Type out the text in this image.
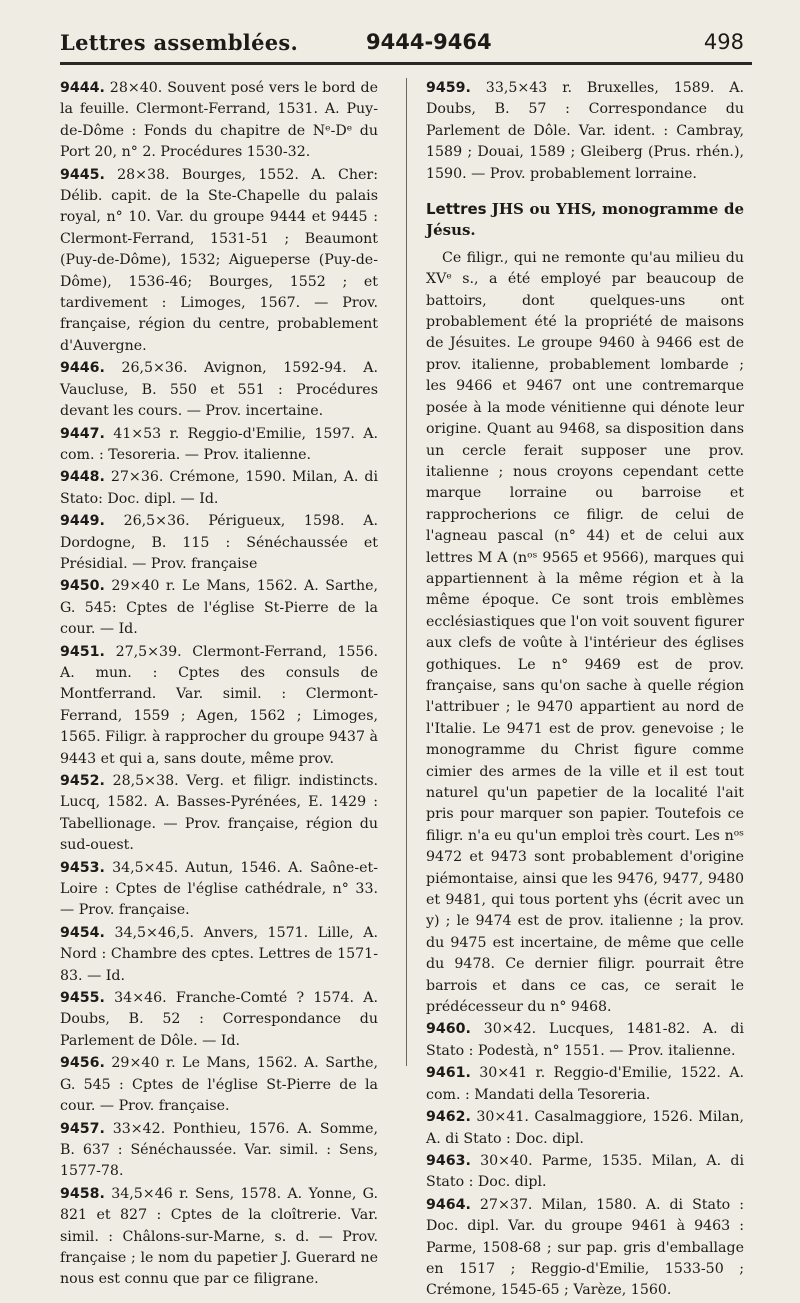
Lettres assemblées.	9444-9464	498

9444. 28×40. Souvent posé vers le bord de la feuille. Clermont-Ferrand, 1531. A. Puy-de-Dôme : Fonds du chapitre de Nᵉ-Dᵉ du Port 20, n° 2. Procédures 1530-32.

9445. 28×38. Bourges, 1552. A. Cher: Délib. capit. de la Ste-Chapelle du palais royal, n° 10. Var. du groupe 9444 et 9445 : Clermont-Ferrand, 1531-51 ; Beaumont (Puy-de-Dôme), 1532; Aigueperse (Puy-de-Dôme), 1536-46; Bourges, 1552 ; et tardivement : Limoges, 1567. — Prov. française, région du centre, probablement d'Auvergne.

9446. 26,5×36. Avignon, 1592-94. A. Vaucluse, B. 550 et 551 : Procédures devant les cours. — Prov. incertaine.

9447. 41×53 r. Reggio-d'Emilie, 1597. A. com. : Tesoreria. — Prov. italienne.

9448. 27×36. Crémone, 1590. Milan, A. di Stato: Doc. dipl. — Id.

9449. 26,5×36. Périgueux, 1598. A. Dordogne, B. 115 : Sénéchaussée et Présidial. — Prov. française

9450. 29×40 r. Le Mans, 1562. A. Sarthe, G. 545: Cptes de l'église St-Pierre de la cour. — Id.

9451. 27,5×39. Clermont-Ferrand, 1556. A. mun. : Cptes des consuls de Montferrand. Var. simil. : Clermont-Ferrand, 1559 ; Agen, 1562 ; Limoges, 1565. Filigr. à rapprocher du groupe 9437 à 9443 et qui a, sans doute, même prov.

9452. 28,5×38. Verg. et filigr. indistincts. Lucq, 1582. A. Basses-Pyrénées, E. 1429 : Tabellionage. — Prov. française, région du sud-ouest.

9453. 34,5×45. Autun, 1546. A. Saône-et-Loire : Cptes de l'église cathédrale, n° 33. — Prov. française.

9454. 34,5×46,5. Anvers, 1571. Lille, A. Nord : Chambre des cptes. Lettres de 1571-83. — Id.

9455. 34×46. Franche-Comté ? 1574. A. Doubs, B. 52 : Correspondance du Parlement de Dôle. — Id.

9456. 29×40 r. Le Mans, 1562. A. Sarthe, G. 545 : Cptes de l'église St-Pierre de la cour. — Prov. française.

9457. 33×42. Ponthieu, 1576. A. Somme, B. 637 : Sénéchaussée. Var. simil. : Sens, 1577-78.

9458. 34,5×46 r. Sens, 1578. A. Yonne, G. 821 et 827 : Cptes de la cloîtrerie. Var. simil. : Châlons-sur-Marne, s. d. — Prov. française ; le nom du papetier J. Guerard ne nous est connu que par ce filigrane.

9459. 33,5×43 r. Bruxelles, 1589. A. Doubs, B. 57 : Correspondance du Parlement de Dôle. Var. ident. : Cambray, 1589 ; Douai, 1589 ; Gleiberg (Prus. rhén.), 1590. — Prov. probablement lorraine.

Lettres JHS ou YHS, monogramme de Jésus.

Ce filigr., qui ne remonte qu'au milieu du XVᵉ s., a été employé par beaucoup de battoirs, dont quelques-uns ont probablement été la propriété de maisons de Jésuites. Le groupe 9460 à 9466 est de prov. italienne, probablement lombarde ; les 9466 et 9467 ont une contremarque posée à la mode vénitienne qui dénote leur origine. Quant au 9468, sa disposition dans un cercle ferait supposer une prov. italienne ; nous croyons cependant cette marque lorraine ou barroise et rapprocherions ce filigr. de celui de l'agneau pascal (n° 44) et de celui aux lettres M A (nᵒˢ 9565 et 9566), marques qui appartiennent à la même région et à la même époque. Ce sont trois emblèmes ecclésiastiques que l'on voit souvent figurer aux clefs de voûte à l'intérieur des églises gothiques. Le n° 9469 est de prov. française, sans qu'on sache à quelle région l'attribuer ; le 9470 appartient au nord de l'Italie. Le 9471 est de prov. genevoise ; le monogramme du Christ figure comme cimier des armes de la ville et il est tout naturel qu'un papetier de la localité l'ait pris pour marquer son papier. Toutefois ce filigr. n'a eu qu'un emploi très court. Les nᵒˢ 9472 et 9473 sont probablement d'origine piémontaise, ainsi que les 9476, 9477, 9480 et 9481, qui tous portent yhs (écrit avec un y) ; le 9474 est de prov. italienne ; la prov. du 9475 est incertaine, de même que celle du 9478. Ce dernier filigr. pourrait être barrois et dans ce cas, ce serait le prédécesseur du n° 9468.

9460. 30×42. Lucques, 1481-82. A. di Stato : Podestà, n° 1551. — Prov. italienne.

9461. 30×41 r. Reggio-d'Emilie, 1522. A. com. : Mandati della Tesoreria.

9462. 30×41. Casalmaggiore, 1526. Milan, A. di Stato : Doc. dipl.

9463. 30×40. Parme, 1535. Milan, A. di Stato : Doc. dipl.

9464. 27×37. Milan, 1580. A. di Stato : Doc. dipl. Var. du groupe 9461 à 9463 : Parme, 1508-68 ; sur pap. gris d'emballage en 1517 ; Reggio-d'Emilie, 1533-50 ; Crémone, 1545-65 ; Varèze, 1560.
